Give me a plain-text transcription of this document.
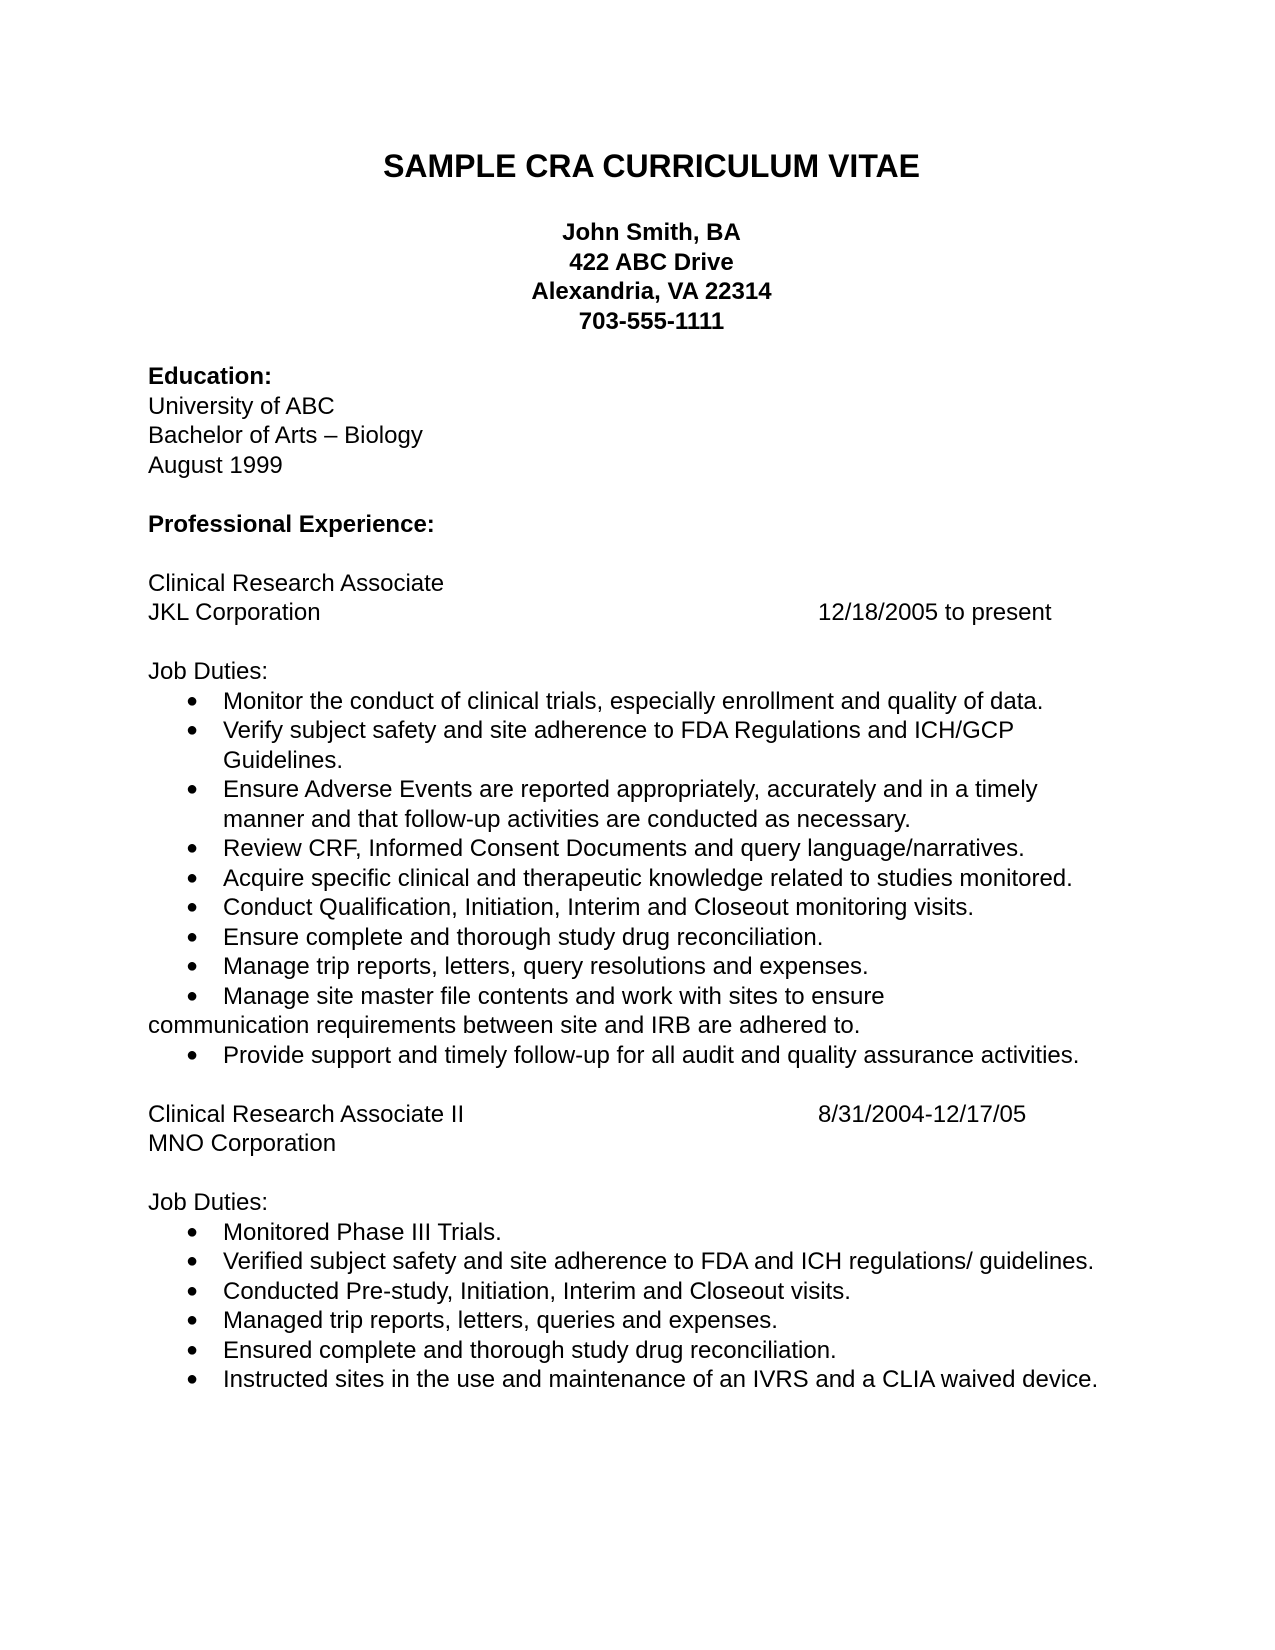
SAMPLE CRA CURRICULUM VITAE
John Smith, BA
422 ABC Drive
Alexandria, VA 22314
703-555-1111
Education:
University of ABC
Bachelor of Arts – Biology
August 1999
Professional Experience:
Clinical Research Associate
JKL Corporation	12/18/2005 to present
Job Duties:
● Monitor the conduct of clinical trials, especially enrollment and quality of data.
● Verify subject safety and site adherence to FDA Regulations and ICH/GCP Guidelines.
● Ensure Adverse Events are reported appropriately, accurately and in a timely manner and that follow-up activities are conducted as necessary.
● Review CRF, Informed Consent Documents and query language/narratives.
● Acquire specific clinical and therapeutic knowledge related to studies monitored.
● Conduct Qualification, Initiation, Interim and Closeout monitoring visits.
● Ensure complete and thorough study drug reconciliation.
● Manage trip reports, letters, query resolutions and expenses.
● Manage site master file contents and work with sites to ensure
communication requirements between site and IRB are adhered to.
● Provide support and timely follow-up for all audit and quality assurance activities.
Clinical Research Associate II	8/31/2004-12/17/05
MNO Corporation
Job Duties:
● Monitored Phase III Trials.
● Verified subject safety and site adherence to FDA and ICH regulations/ guidelines.
● Conducted Pre-study, Initiation, Interim and Closeout visits.
● Managed trip reports, letters, queries and expenses.
● Ensured complete and thorough study drug reconciliation.
● Instructed sites in the use and maintenance of an IVRS and a CLIA waived device.
